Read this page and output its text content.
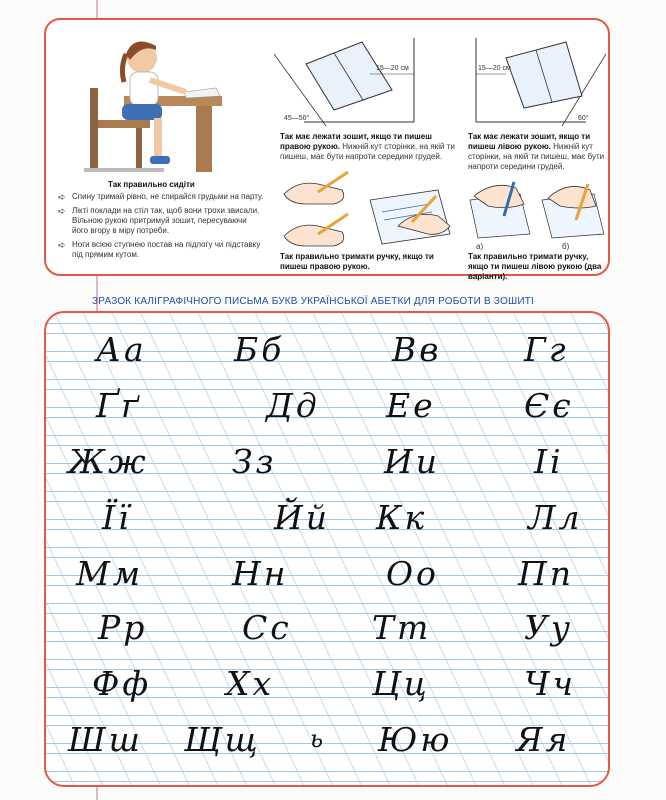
Так правильно сидіти
➪ Спину тримай рівно, не спирайся грудьми на парту.
➪ Лікті поклади на стіл так, щоб вони трохи звисали. Вільною рукою притримуй зошит, пересуваючи його вгору в міру потреби.
➪ Ноги всією ступнею постав на підлогу чи підставку під прямим кутом.
15—20 см
45—50°
Так має лежати зошит, якщо ти пишеш правою рукою. Нижній кут сторінки, на якій ти пишеш, має бути напроти середини грудей.
Так правильно тримати ручку, якщо ти пишеш правою рукою.
15—20 см
60°
Так має лежати зошит, якщо ти пишеш лівою рукою. Нижній кут сторінки, на якій ти пишеш, має бути напроти середини грудей.
а)	б)
Так правильно тримати ручку, якщо ти пишеш лівою рукою (два варіанти).
ЗРАЗОК КАЛІГРАФІЧНОГО ПИСЬМА БУКВ УКРАЇНСЬКОЇ АБЕТКИ ДЛЯ РОБОТИ В ЗОШИТІ
Аа	Бб	Вв	Гг
Ґґ	Дд Ее	Єє
Жж	Зз	Ии	Іі
Її	Йй Кк	Лл
Мм	Нн	Оо Пп
Рр	Сс Тт	Уу
Фф Хх	Цц	Чч
Шш Щщ ь Юю Яя
